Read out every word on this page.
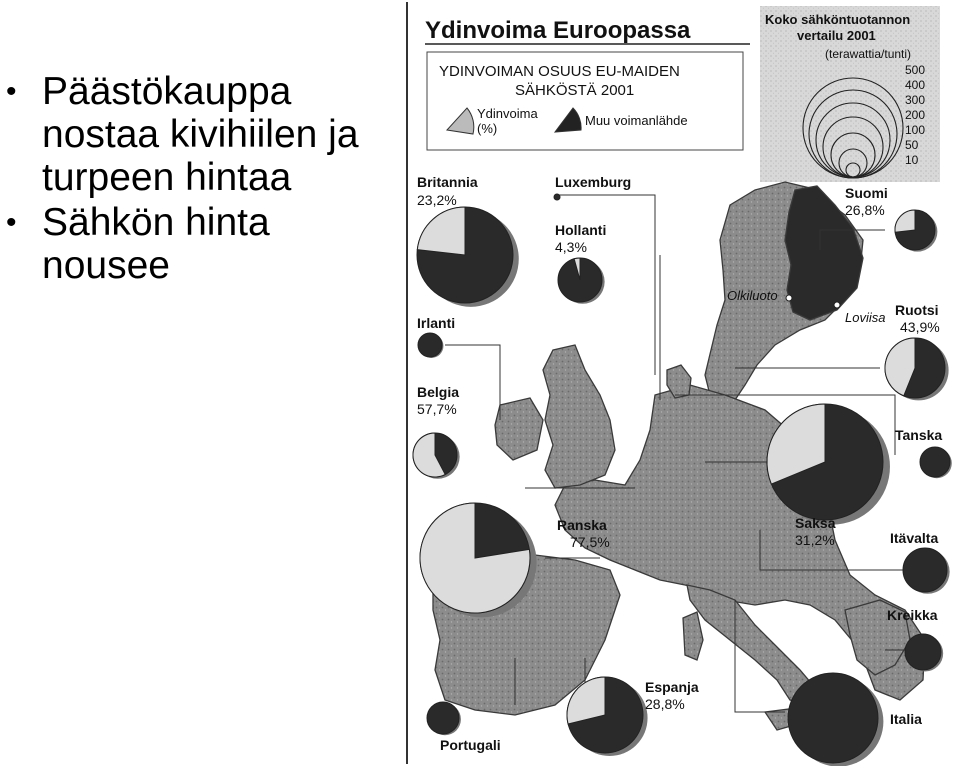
• Päästökauppa nostaa kivihiilen ja turpeen hintaa
• Sähkön hinta nousee
Ydinvoima Euroopassa
YDINVOIMAN OSUUS EU-MAIDEN
SÄHKÖSTÄ 2001
Ydinvoima
(%)
Muu voimanlähde
Koko sähköntuotannon
vertailu 2001
(terawattia/tunti)
500
400
300
200
100
50
10
Britannia
23,2%
Luxemburg
Hollanti
4,3%
Suomi
26,8%
Irlanti
Ruotsi
43,9%
Belgia
57,7%
Tanska
Ranska
77,5%
Saksa
31,2%	Itävalta
Kreikka
Espanja
28,8%
Portugali
Italia
Olkiluoto
Loviisa
